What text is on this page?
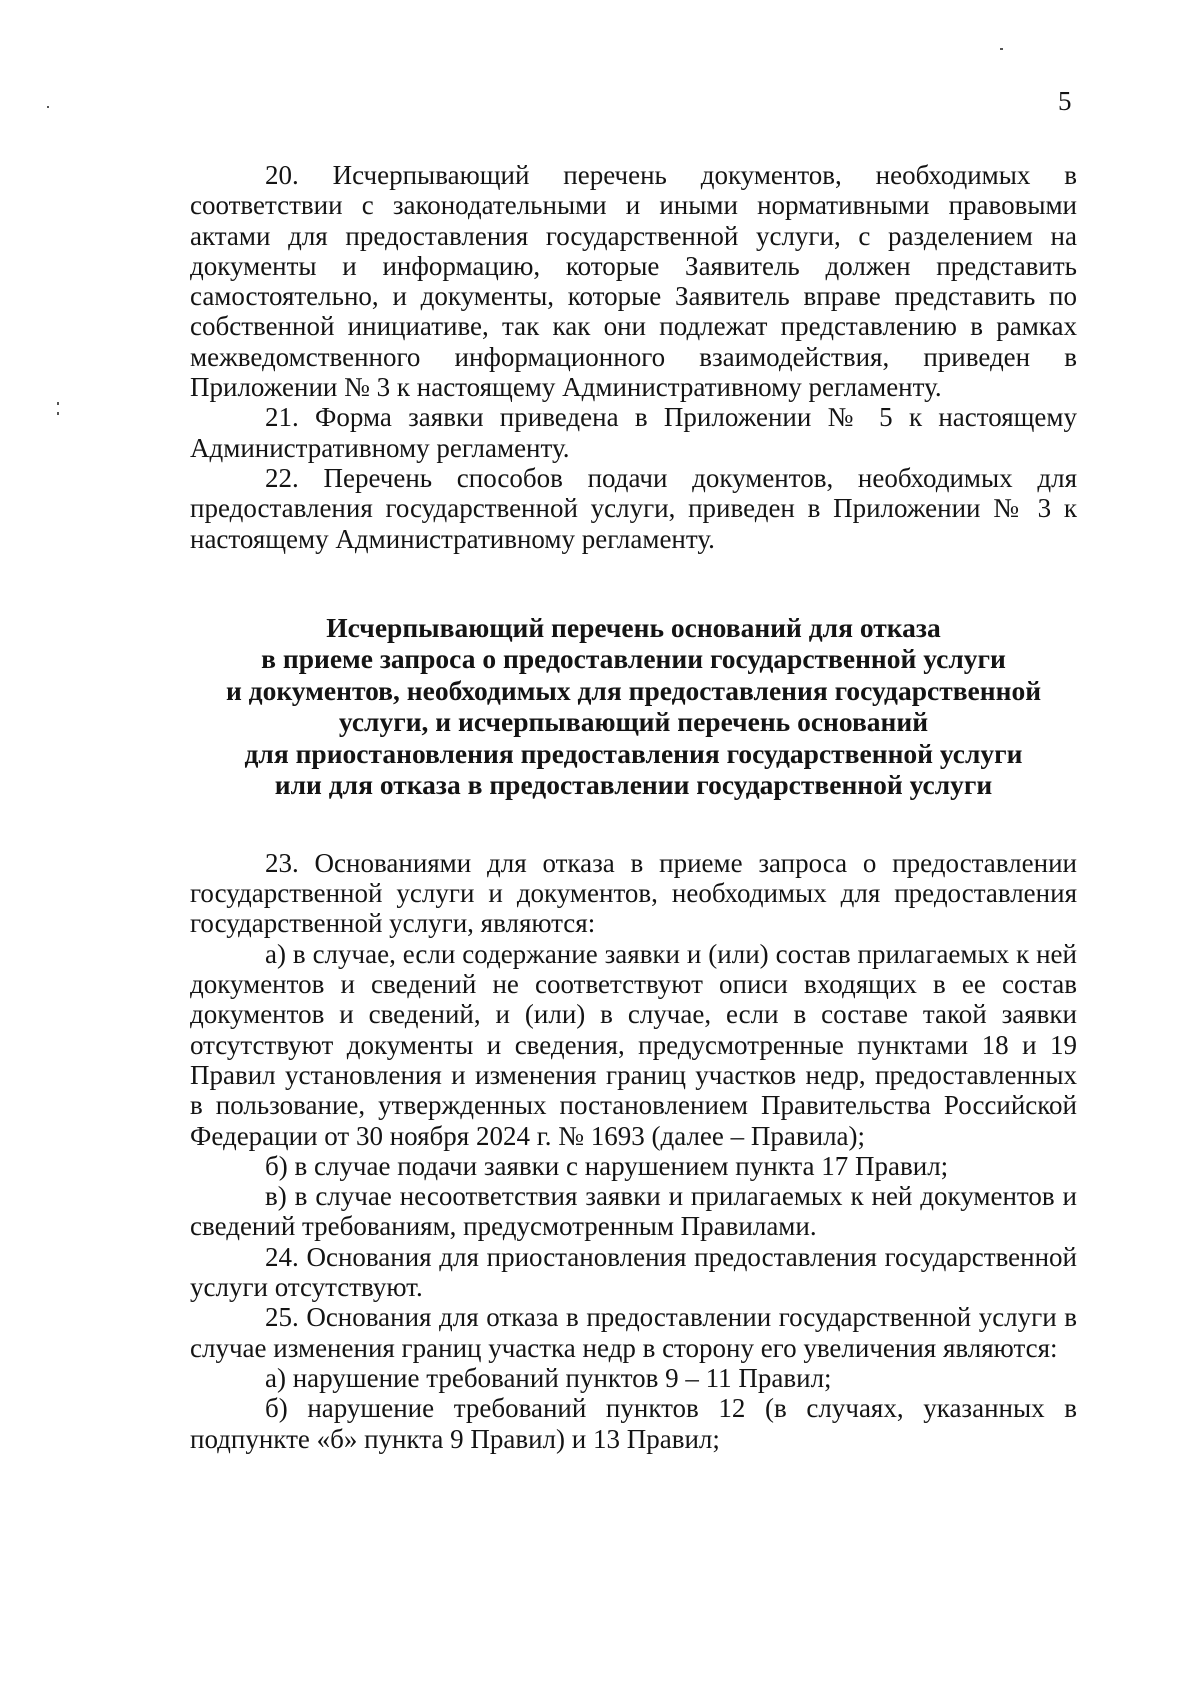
5

20. Исчерпывающий перечень документов, необходимых в соответствии с законодательными и иными нормативными правовыми актами для предоставления государственной услуги, с разделением на документы и информацию, которые Заявитель должен представить самостоятельно, и документы, которые Заявитель вправе представить по собственной инициативе, так как они подлежат представлению в рамках межведомственного информационного взаимодействия, приведен в Приложении № 3 к настоящему Административному регламенту.

21. Форма заявки приведена в Приложении № 5 к настоящему Административному регламенту.

22. Перечень способов подачи документов, необходимых для предоставления государственной услуги, приведен в Приложении № 3 к настоящему Административному регламенту.

Исчерпывающий перечень оснований для отказа
в приеме запроса о предоставлении государственной услуги
и документов, необходимых для предоставления государственной
услуги, и исчерпывающий перечень оснований
для приостановления предоставления государственной услуги
или для отказа в предоставлении государственной услуги

23. Основаниями для отказа в приеме запроса о предоставлении государственной услуги и документов, необходимых для предоставления государственной услуги, являются:

а) в случае, если содержание заявки и (или) состав прилагаемых к ней документов и сведений не соответствуют описи входящих в ее состав документов и сведений, и (или) в случае, если в составе такой заявки отсутствуют документы и сведения, предусмотренные пунктами 18 и 19 Правил установления и изменения границ участков недр, предоставленных в пользование, утвержденных постановлением Правительства Российской Федерации от 30 ноября 2024 г. № 1693 (далее – Правила);

б) в случае подачи заявки с нарушением пункта 17 Правил;

в) в случае несоответствия заявки и прилагаемых к ней документов и сведений требованиям, предусмотренным Правилами.

24. Основания для приостановления предоставления государственной услуги отсутствуют.

25. Основания для отказа в предоставлении государственной услуги в случае изменения границ участка недр в сторону его увеличения являются:

а) нарушение требований пунктов 9 – 11 Правил;

б) нарушение требований пунктов 12 (в случаях, указанных в подпункте «б» пункта 9 Правил) и 13 Правил;
